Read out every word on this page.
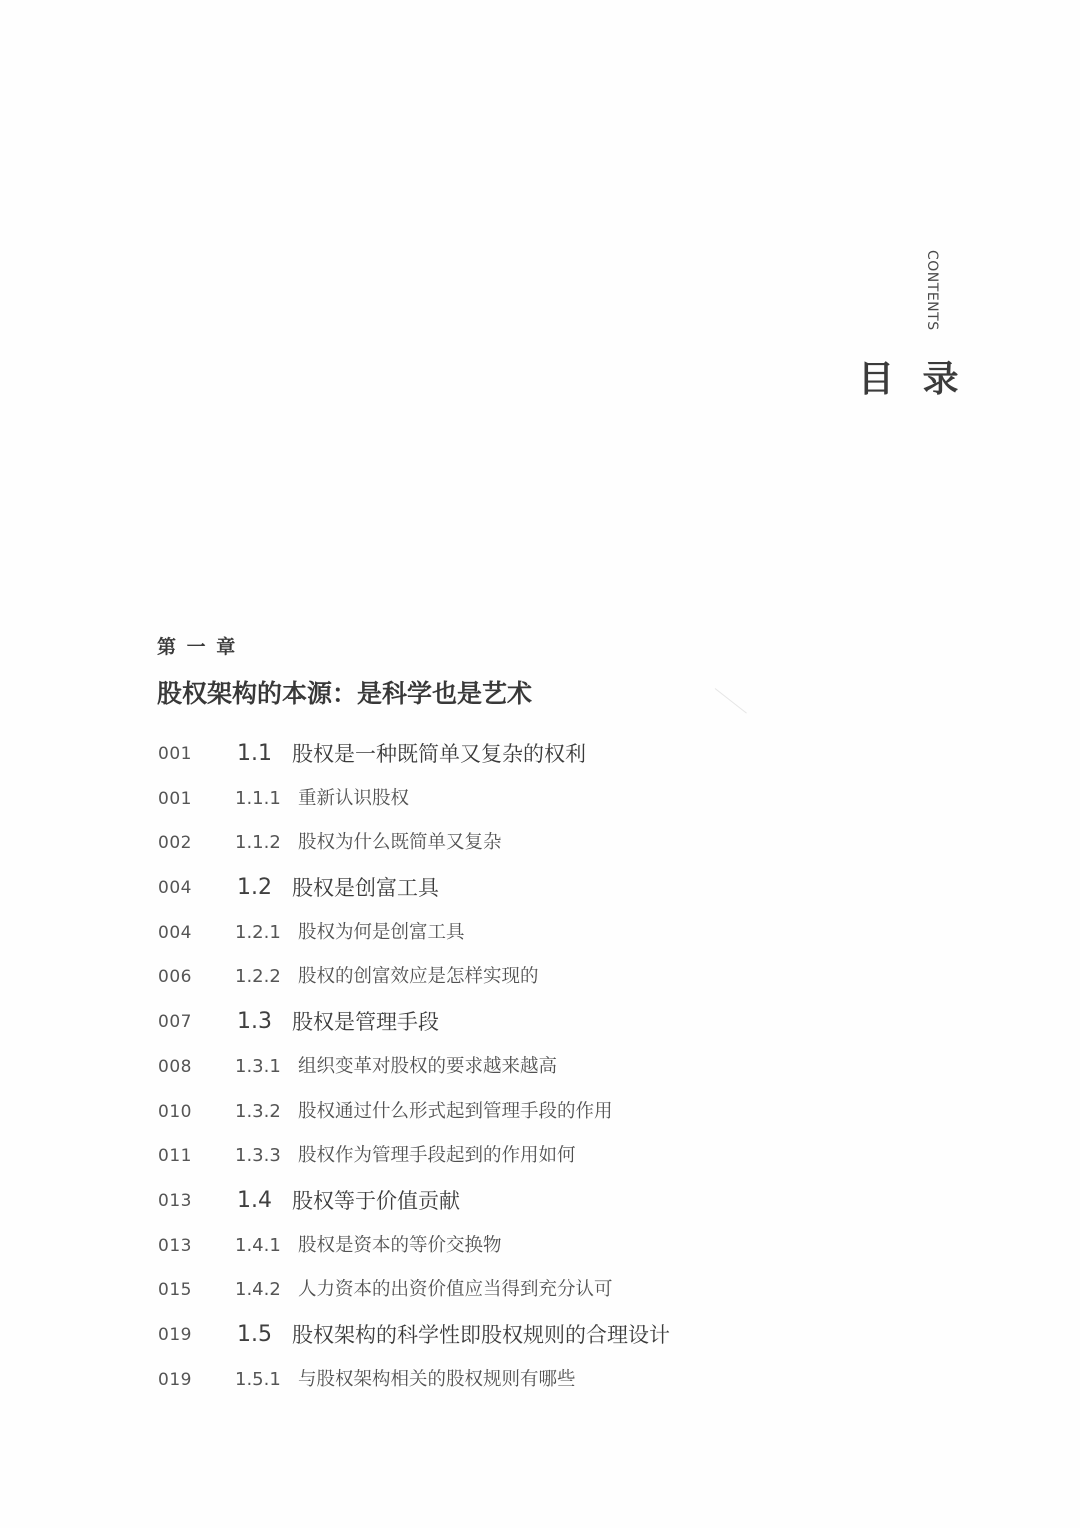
CONTENTS
目 录
第 一 章
股权架构的本源：是科学也是艺术
001 1.1 股权是一种既简单又复杂的权利
001 1.1.1 重新认识股权
002 1.1.2 股权为什么既简单又复杂
004 1.2 股权是创富工具
004 1.2.1 股权为何是创富工具
006 1.2.2 股权的创富效应是怎样实现的
007 1.3 股权是管理手段
008 1.3.1 组织变革对股权的要求越来越高
010 1.3.2 股权通过什么形式起到管理手段的作用
011 1.3.3 股权作为管理手段起到的作用如何
013 1.4 股权等于价值贡献
013 1.4.1 股权是资本的等价交换物
015 1.4.2 人力资本的出资价值应当得到充分认可
019 1.5 股权架构的科学性即股权规则的合理设计
019 1.5.1 与股权架构相关的股权规则有哪些
